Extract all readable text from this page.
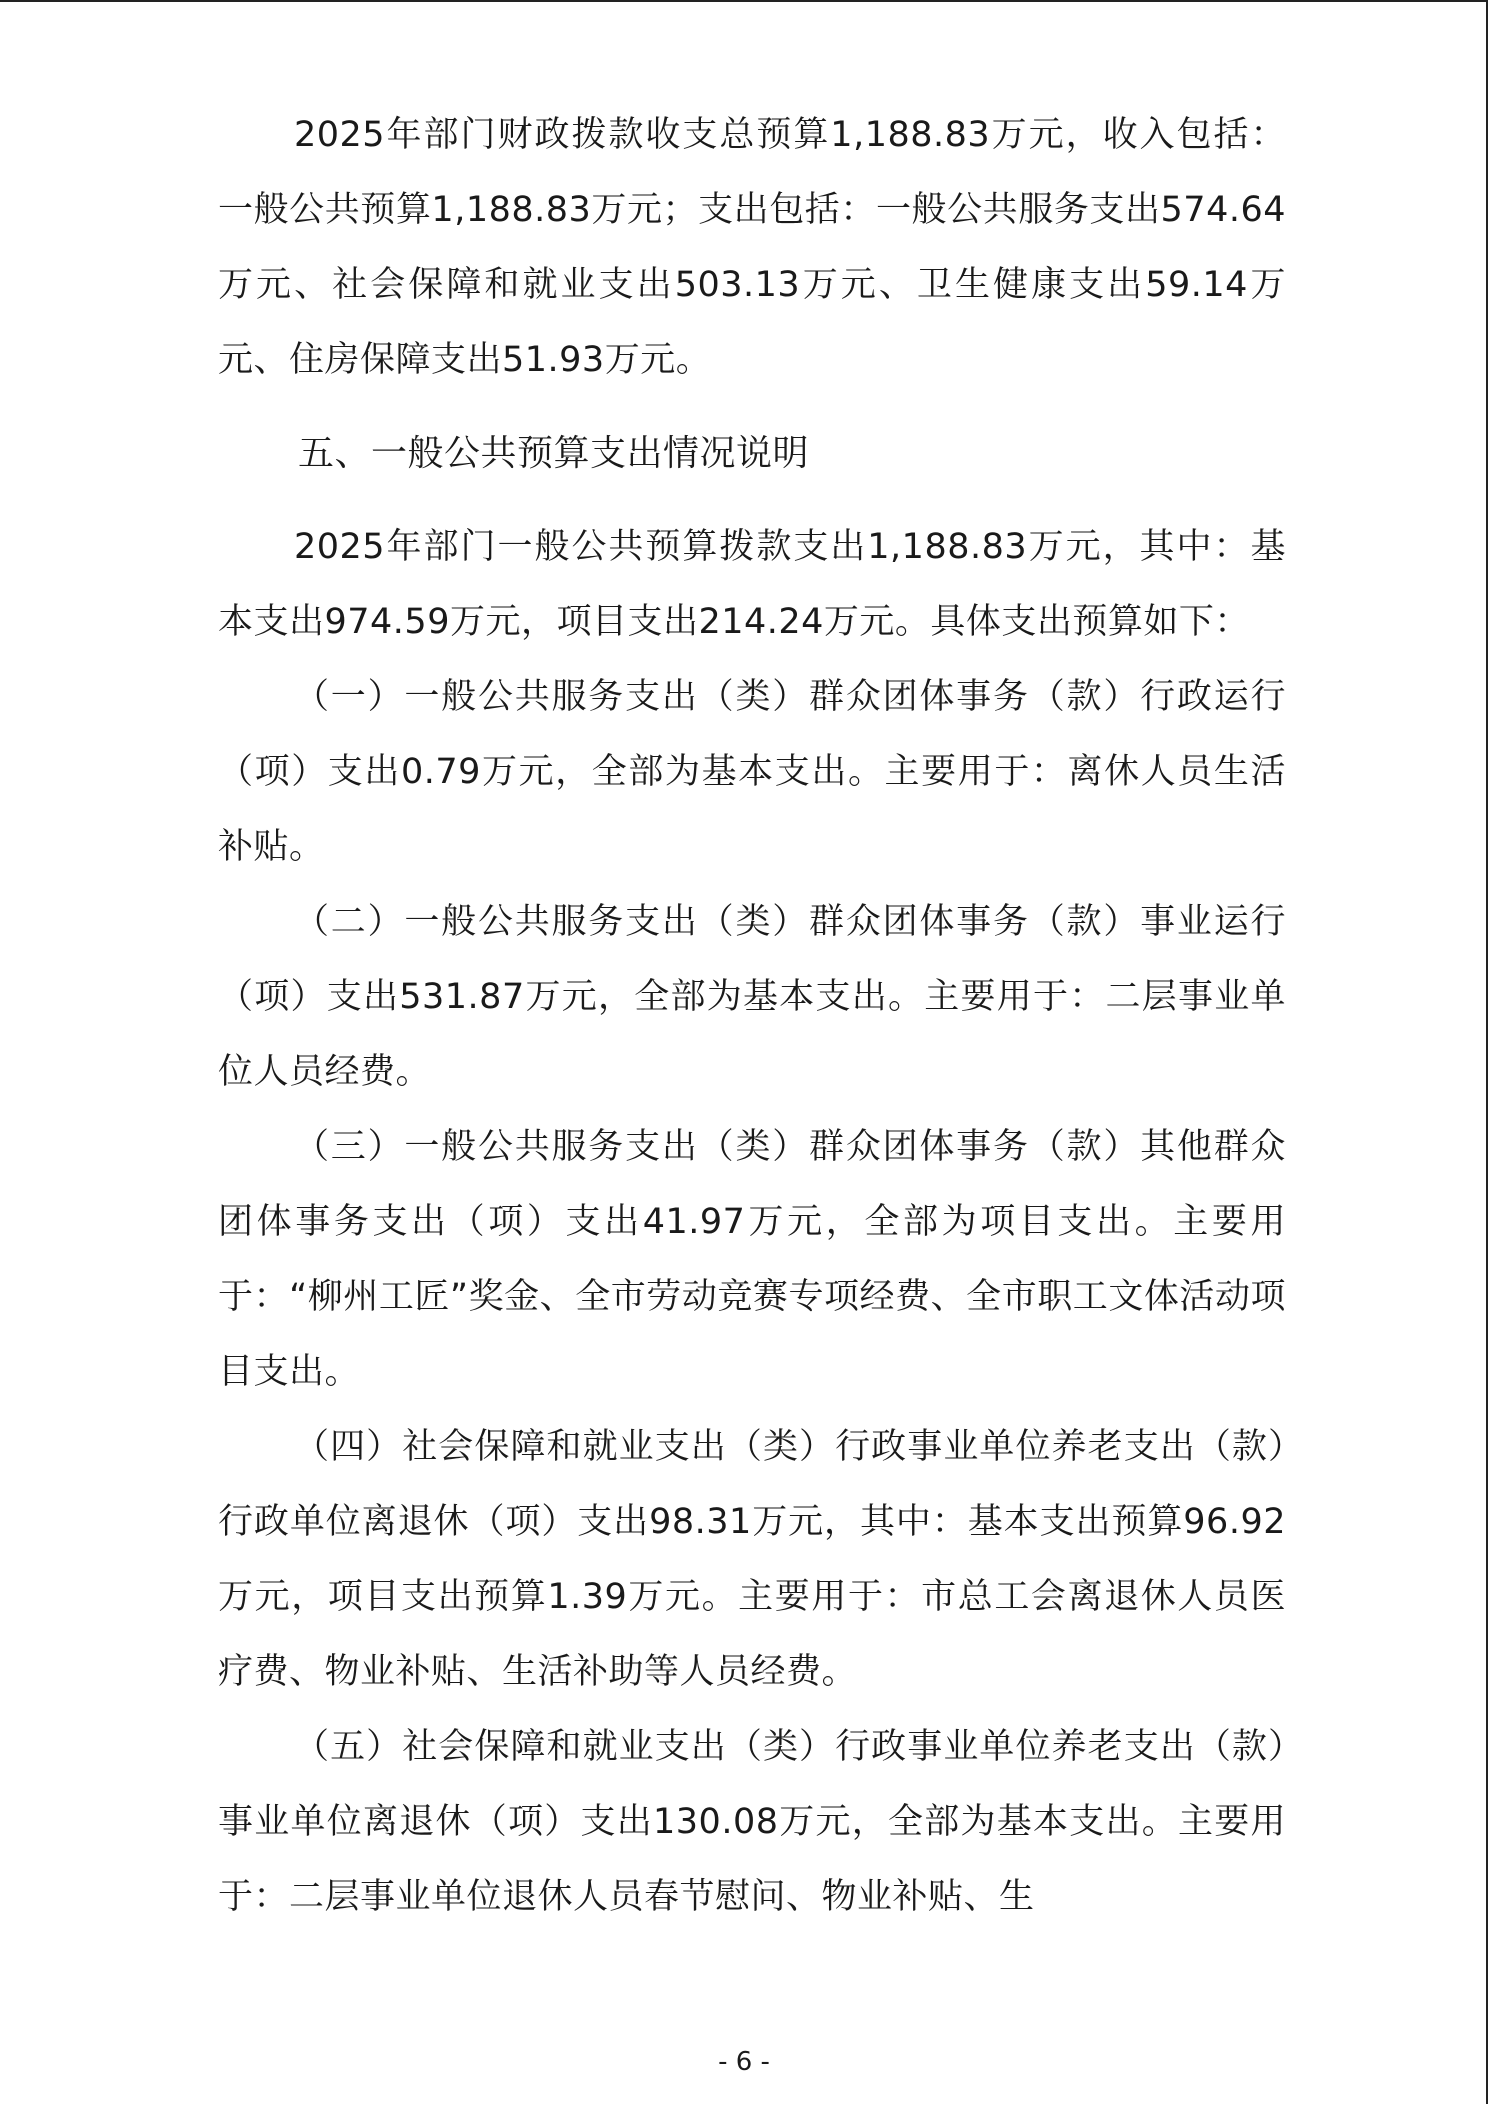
2025年部门财政拨款收支总预算1,188.83万元，收入包括：一般公共预算1,188.83万元；支出包括：一般公共服务支出574.64万元、社会保障和就业支出503.13万元、卫生健康支出59.14万元、住房保障支出51.93万元。

五、一般公共预算支出情况说明

2025年部门一般公共预算拨款支出1,188.83万元，其中：基本支出974.59万元，项目支出214.24万元。具体支出预算如下：

（一）一般公共服务支出（类）群众团体事务（款）行政运行（项）支出0.79万元，全部为基本支出。主要用于：离休人员生活补贴。

（二）一般公共服务支出（类）群众团体事务（款）事业运行（项）支出531.87万元，全部为基本支出。主要用于：二层事业单位人员经费。

（三）一般公共服务支出（类）群众团体事务（款）其他群众团体事务支出（项）支出41.97万元，全部为项目支出。主要用于：“柳州工匠”奖金、全市劳动竞赛专项经费、全市职工文体活动项目支出。

（四）社会保障和就业支出（类）行政事业单位养老支出（款）行政单位离退休（项）支出98.31万元，其中：基本支出预算96.92万元，项目支出预算1.39万元。主要用于：市总工会离退休人员医疗费、物业补贴、生活补助等人员经费。

（五）社会保障和就业支出（类）行政事业单位养老支出（款）事业单位离退休（项）支出130.08万元，全部为基本支出。主要用于：二层事业单位退休人员春节慰问、物业补贴、生

- 6 -
